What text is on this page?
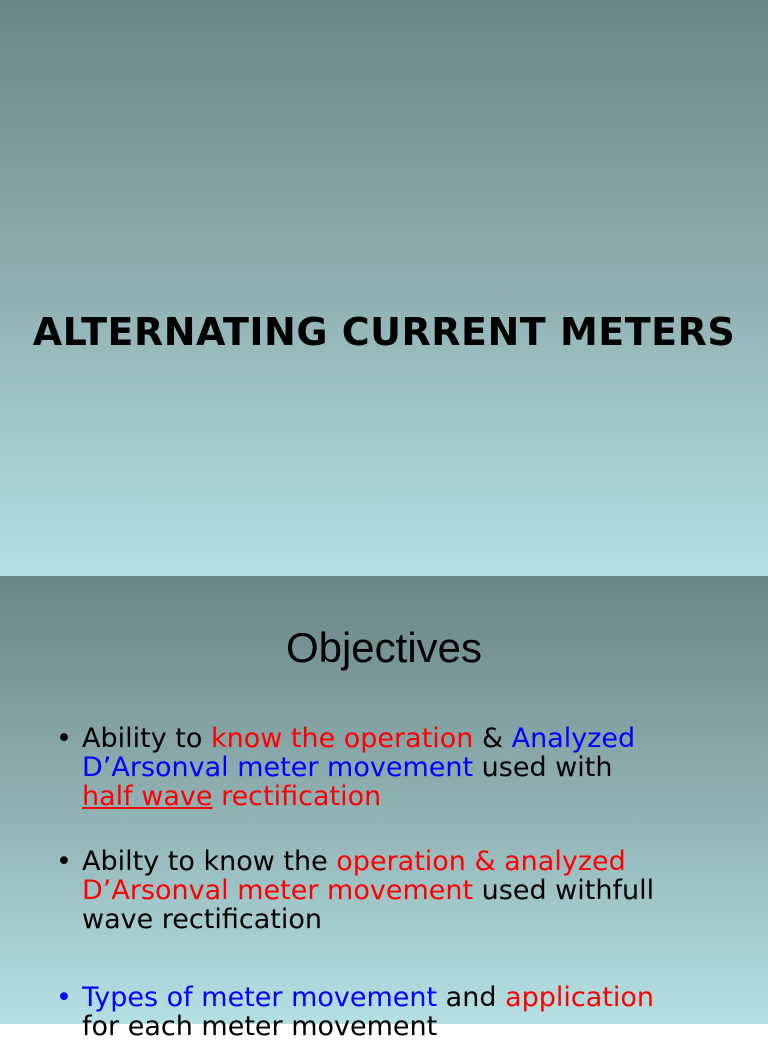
ALTERNATING CURRENT METERS
Objectives
• Ability to know the operation & Analyzed
D’Arsonval meter movement used with
half wave rectification
• Abilty to know the operation & analyzed
D’Arsonval meter movement used withfull
wave rectification
• Types of meter movement and application
for each meter movement
